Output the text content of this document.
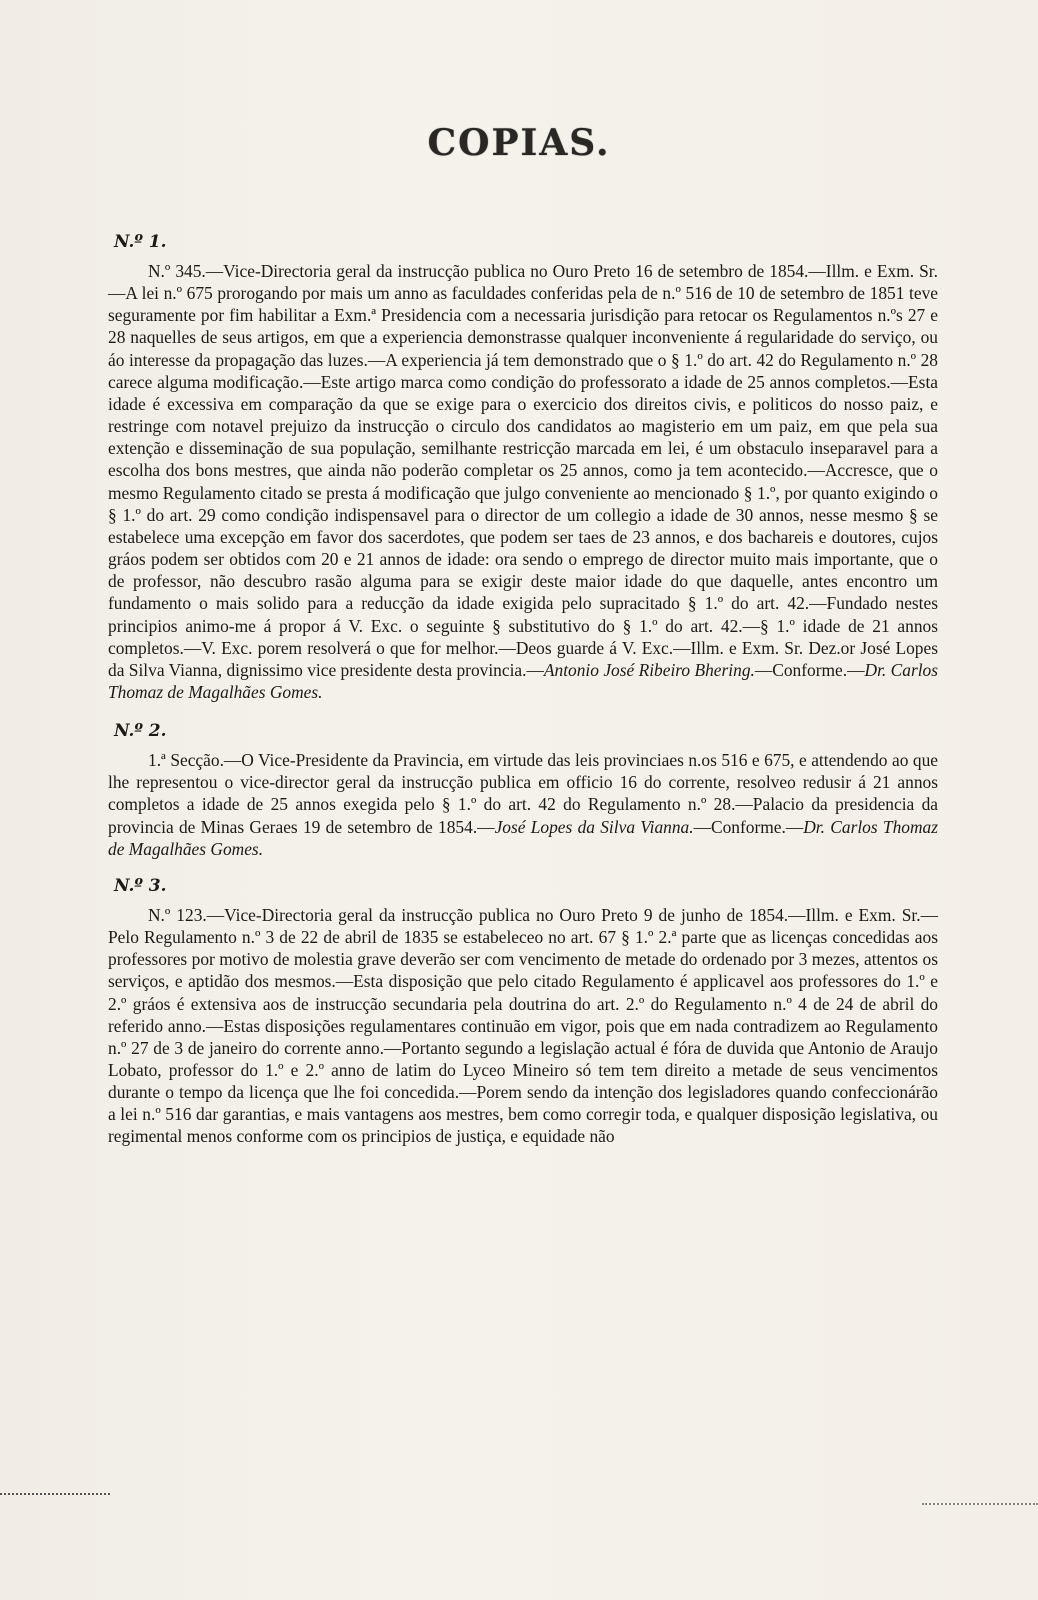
COPIAS.
N.º 1.

N.º 345.—Vice-Directoria geral da instrucção publica no Ouro Preto 16 de setembro de 1854.—Illm. e Exm. Sr.—A lei n.º 675 prorogando por mais um anno as faculdades conferidas pela de n.º 516 de 10 de setembro de 1851 teve seguramente por fim habilitar a Exm.ª Presidencia com a necessaria jurisdição para retocar os Regulamentos n.ºs 27 e 28 naquelles de seus artigos, em que a experiencia demonstrasse qualquer inconveniente á regularidade do serviço, ou áo interesse da propagação das luzes.—A experiencia já tem demonstrado que o § 1.º do art. 42 do Regulamento n.º 28 carece alguma modificação.—Este artigo marca como condição do professorato a idade de 25 annos completos.—Esta idade é excessiva em comparação da que se exige para o exercicio dos direitos civis, e politicos do nosso paiz, e restringe com notavel prejuizo da instrucção o circulo dos candidatos ao magisterio em um paiz, em que pela sua extenção e disseminação de sua população, semilhante restricção marcada em lei, é um obstaculo inseparavel para a escolha dos bons mestres, que ainda não poderão completar os 25 annos, como ja tem acontecido.—Accresce, que o mesmo Regulamento citado se presta á modificação que julgo conveniente ao mencionado § 1.º, por quanto exigindo o § 1.º do art. 29 como condição indispensavel para o director de um collegio a idade de 30 annos, nesse mesmo § se estabelece uma excepção em favor dos sacerdotes, que podem ser taes de 23 annos, e dos bachareis e doutores, cujos gráos podem ser obtidos com 20 e 21 annos de idade: ora sendo o emprego de director muito mais importante, que o de professor, não descubro rasão alguma para se exigir deste maior idade do que daquelle, antes encontro um fundamento o mais solido para a reducção da idade exigida pelo supracitado § 1.º do art. 42.—Fundado nestes principios animo-me á propor á V. Exc. o seguinte § substitutivo do § 1.º do art. 42.—§ 1.º idade de 21 annos completos.—V. Exc. porem resolverá o que for melhor.—Deos guarde á V. Exc.—Illm. e Exm. Sr. Dez.or José Lopes da Silva Vianna, dignissimo vice presidente desta provincia.—Antonio José Ribeiro Bhering.—Conforme.—Dr. Carlos Thomaz de Magalhães Gomes.

N.º 2.

1.ª Secção.—O Vice-Presidente da Pravincia, em virtude das leis provinciaes n.os 516 e 675, e attendendo ao que lhe representou o vice-director geral da instrucção publica em officio 16 do corrente, resolveo redusir á 21 annos completos a idade de 25 annos exegida pelo § 1.º do art. 42 do Regulamento n.º 28.—Palacio da presidencia da provincia de Minas Geraes 19 de setembro de 1854.—José Lopes da Silva Vianna.—Conforme.—Dr. Carlos Thomaz de Magalhães Gomes.

N.º 3.

N.º 123.—Vice-Directoria geral da instrucção publica no Ouro Preto 9 de junho de 1854.—Illm. e Exm. Sr.—Pelo Regulamento n.º 3 de 22 de abril de 1835 se estabeleceo no art. 67 § 1.º 2.ª parte que as licenças concedidas aos professores por motivo de molestia grave deverão ser com vencimento de metade do ordenado por 3 mezes, attentos os serviços, e aptidão dos mesmos.—Esta disposição que pelo citado Regulamento é applicavel aos professores do 1.º e 2.º gráos é extensiva aos de instrucção secundaria pela doutrina do art. 2.º do Regulamento n.º 4 de 24 de abril do referido anno.—Estas disposições regulamentares continuão em vigor, pois que em nada contradizem ao Regulamento n.º 27 de 3 de janeiro do corrente anno.—Portanto segundo a legislação actual é fóra de duvida que Antonio de Araujo Lobato, professor do 1.º e 2.º anno de latim do Lyceo Mineiro só tem tem direito a metade de seus vencimentos durante o tempo da licença que lhe foi concedida.—Porem sendo da intenção dos legisladores quando confeccionárão a lei n.º 516 dar garantias, e mais vantagens aos mestres, bem como corregir toda, e qualquer disposição legislativa, ou regimental menos conforme com os principios de justiça, e equidade não
